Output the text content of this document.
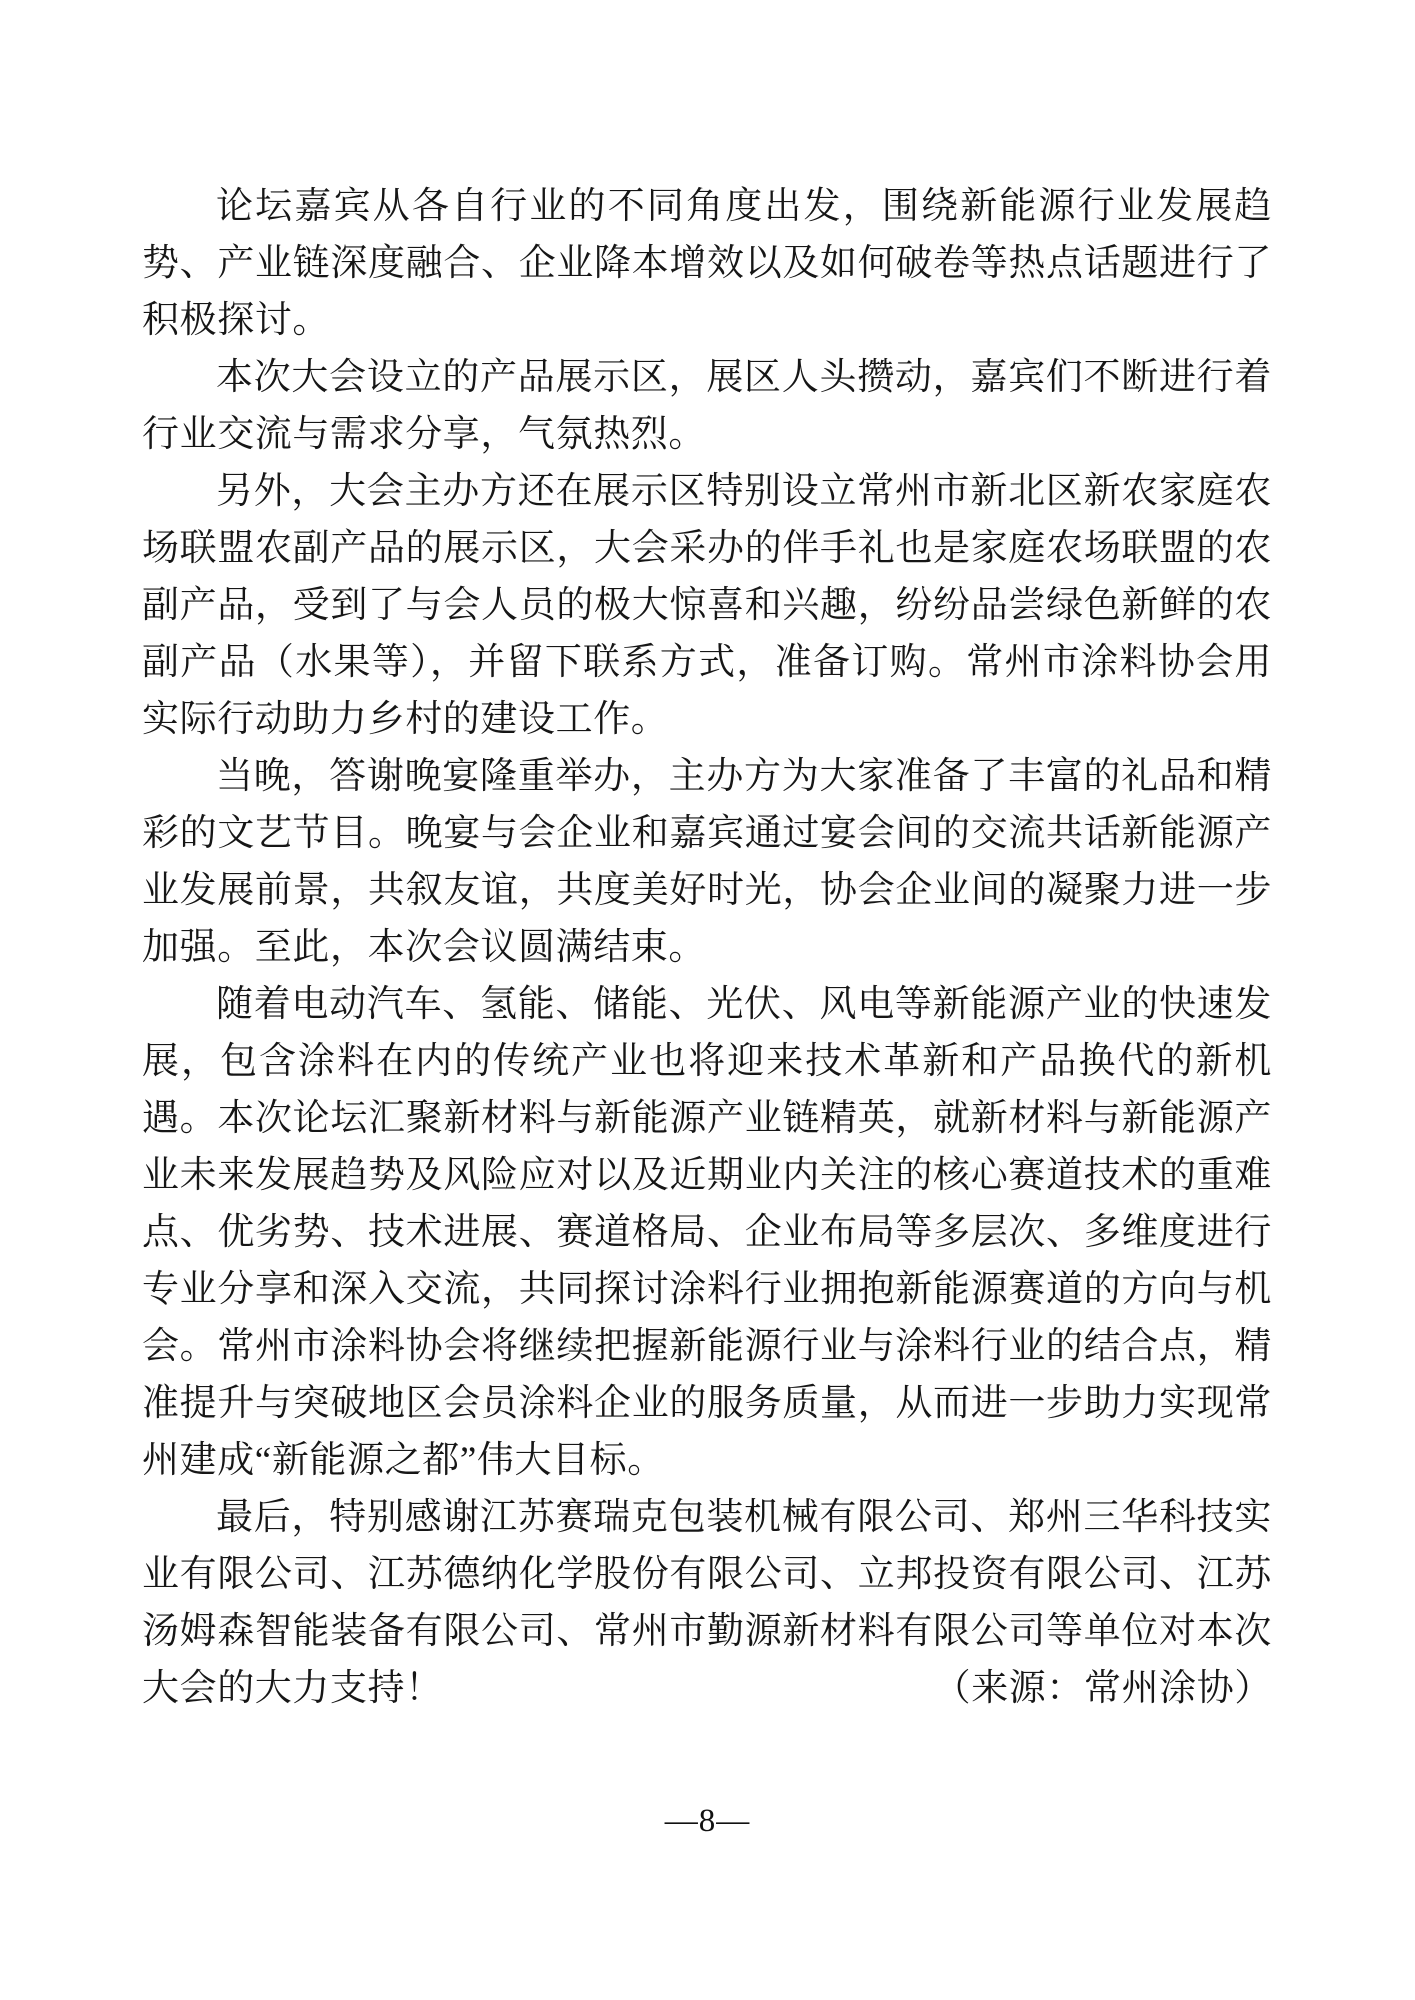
论坛嘉宾从各自行业的不同角度出发，围绕新能源行业发展趋势、产业链深度融合、企业降本增效以及如何破卷等热点话题进行了积极探讨。

本次大会设立的产品展示区，展区人头攒动，嘉宾们不断进行着行业交流与需求分享，气氛热烈。

另外，大会主办方还在展示区特别设立常州市新北区新农家庭农场联盟农副产品的展示区，大会采办的伴手礼也是家庭农场联盟的农副产品，受到了与会人员的极大惊喜和兴趣，纷纷品尝绿色新鲜的农副产品（水果等），并留下联系方式，准备订购。常州市涂料协会用实际行动助力乡村的建设工作。

当晚，答谢晚宴隆重举办，主办方为大家准备了丰富的礼品和精彩的文艺节目。晚宴与会企业和嘉宾通过宴会间的交流共话新能源产业发展前景，共叙友谊，共度美好时光，协会企业间的凝聚力进一步加强。至此，本次会议圆满结束。

随着电动汽车、氢能、储能、光伏、风电等新能源产业的快速发展，包含涂料在内的传统产业也将迎来技术革新和产品换代的新机遇。本次论坛汇聚新材料与新能源产业链精英，就新材料与新能源产业未来发展趋势及风险应对以及近期业内关注的核心赛道技术的重难点、优劣势、技术进展、赛道格局、企业布局等多层次、多维度进行专业分享和深入交流，共同探讨涂料行业拥抱新能源赛道的方向与机会。常州市涂料协会将继续把握新能源行业与涂料行业的结合点，精准提升与突破地区会员涂料企业的服务质量，从而进一步助力实现常州建成“新能源之都”伟大目标。

最后，特别感谢江苏赛瑞克包装机械有限公司、郑州三华科技实业有限公司、江苏德纳化学股份有限公司、立邦投资有限公司、江苏汤姆森智能装备有限公司、常州市勤源新材料有限公司等单位对本次大会的大力支持！	（来源：常州涂协）

—8—
